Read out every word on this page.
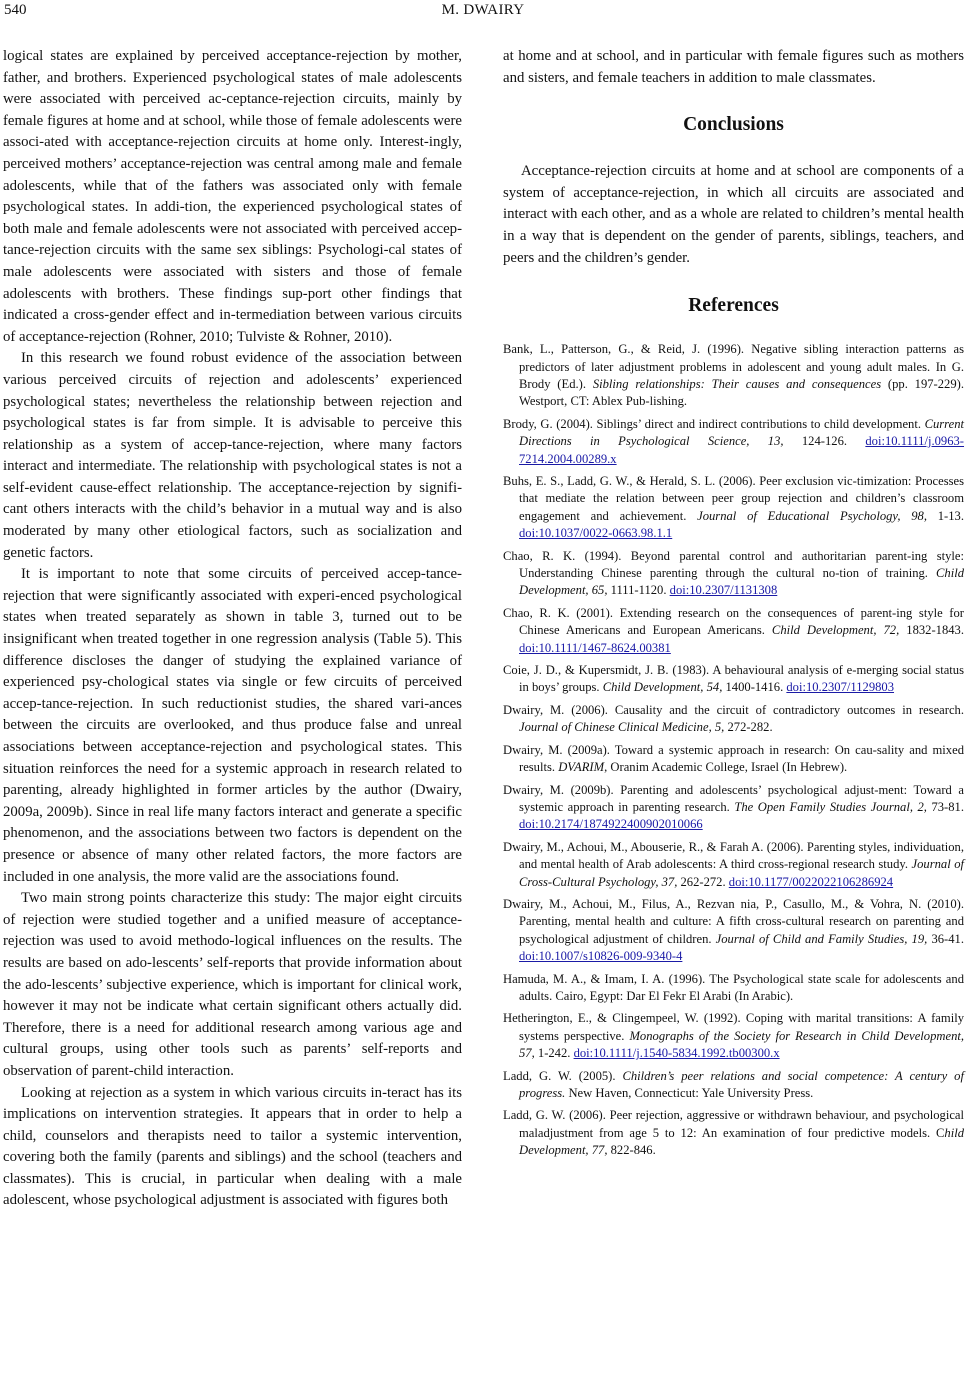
540	M. DWAIRY

logical states are explained by perceived acceptance-rejection by mother, father, and brothers. Experienced psychological states of male adolescents were associated with perceived ac-ceptance-rejection circuits, mainly by female figures at home and at school, while those of female adolescents were associ-ated with acceptance-rejection circuits at home only. Interest-ingly, perceived mothers’ acceptance-rejection was central among male and female adolescents, while that of the fathers was associated only with female psychological states. In addi-tion, the experienced psychological states of both male and female adolescents were not associated with perceived accep-tance-rejection circuits with the same sex siblings: Psychologi-cal states of male adolescents were associated with sisters and those of female adolescents with brothers. These findings sup-port other findings that indicated a cross-gender effect and in-termediation between various circuits of acceptance-rejection (Rohner, 2010; Tulviste & Rohner, 2010).

In this research we found robust evidence of the association between various perceived circuits of rejection and adolescents’ experienced psychological states; nevertheless the relationship between rejection and psychological states is far from simple. It is advisable to perceive this relationship as a system of accep-tance-rejection, where many factors interact and intermediate. The relationship with psychological states is not a self-evident cause-effect relationship. The acceptance-rejection by signifi-cant others interacts with the child’s behavior in a mutual way and is also moderated by many other etiological factors, such as socialization and genetic factors.

It is important to note that some circuits of perceived accep-tance-rejection that were significantly associated with experi-enced psychological states when treated separately as shown in table 3, turned out to be insignificant when treated together in one regression analysis (Table 5). This difference discloses the danger of studying the explained variance of experienced psy-chological states via single or few circuits of perceived accep-tance-rejection. In such reductionist studies, the shared vari-ances between the circuits are overlooked, and thus produce false and unreal associations between acceptance-rejection and psychological states. This situation reinforces the need for a systemic approach in research related to parenting, already highlighted in former articles by the author (Dwairy, 2009a, 2009b). Since in real life many factors interact and generate a specific phenomenon, and the associations between two factors is dependent on the presence or absence of many other related factors, the more factors are included in one analysis, the more valid are the associations found.

Two main strong points characterize this study: The major eight circuits of rejection were studied together and a unified measure of acceptance-rejection was used to avoid methodo-logical influences on the results. The results are based on ado-lescents’ self-reports that provide information about the ado-lescents’ subjective experience, which is important for clinical work, however it may not be indicate what certain significant others actually did. Therefore, there is a need for additional research among various age and cultural groups, using other tools such as parents’ self-reports and observation of parent-child interaction.

Looking at rejection as a system in which various circuits in-teract has its implications on intervention strategies. It appears that in order to help a child, counselors and therapists need to tailor a systemic intervention, covering both the family (parents and siblings) and the school (teachers and classmates). This is crucial, in particular when dealing with a male adolescent, whose psychological adjustment is associated with figures both

at home and at school, and in particular with female figures such as mothers and sisters, and female teachers in addition to male classmates.

Conclusions

Acceptance-rejection circuits at home and at school are components of a system of acceptance-rejection, in which all circuits are associated and interact with each other, and as a whole are related to children’s mental health in a way that is dependent on the gender of parents, siblings, teachers, and peers and the children’s gender.

References

Bank, L., Patterson, G., & Reid, J. (1996). Negative sibling interaction patterns as predictors of later adjustment problems in adolescent and young adult males. In G. Brody (Ed.). Sibling relationships: Their causes and consequences (pp. 197-229). Westport, CT: Ablex Pub-lishing.

Brody, G. (2004). Siblings’ direct and indirect contributions to child development. Current Directions in Psychological Science, 13, 124-126. doi:10.1111/j.0963-7214.2004.00289.x

Buhs, E. S., Ladd, G. W., & Herald, S. L. (2006). Peer exclusion vic-timization: Processes that mediate the relation between peer group rejection and children’s classroom engagement and achievement. Journal of Educational Psychology, 98, 1-13. doi:10.1037/0022-0663.98.1.1

Chao, R. K. (1994). Beyond parental control and authoritarian parent-ing style: Understanding Chinese parenting through the cultural no-tion of training. Child Development, 65, 1111-1120. doi:10.2307/1131308

Chao, R. K. (2001). Extending research on the consequences of parent-ing style for Chinese Americans and European Americans. Child Development, 72, 1832-1843. doi:10.1111/1467-8624.00381

Coie, J. D., & Kupersmidt, J. B. (1983). A behavioural analysis of e-merging social status in boys’ groups. Child Development, 54, 1400-1416. doi:10.2307/1129803

Dwairy, M. (2006). Causality and the circuit of contradictory outcomes in research. Journal of Chinese Clinical Medicine, 5, 272-282.

Dwairy, M. (2009a). Toward a systemic approach in research: On cau-sality and mixed results. DVARIM, Oranim Academic College, Israel (In Hebrew).

Dwairy, M. (2009b). Parenting and adolescents’ psychological adjust-ment: Toward a systemic approach in parenting research. The Open Family Studies Journal, 2, 73-81. doi:10.2174/1874922400902010066

Dwairy, M., Achoui, M., Abouserie, R., & Farah A. (2006). Parenting styles, individuation, and mental health of Arab adolescents: A third cross-regional research study. Journal of Cross-Cultural Psychology, 37, 262-272. doi:10.1177/0022022106286924

Dwairy, M., Achoui, M., Filus, A., Rezvan nia, P., Casullo, M., & Vohra, N. (2010). Parenting, mental health and culture: A fifth cross-cultural research on parenting and psychological adjustment of children. Journal of Child and Family Studies, 19, 36-41. doi:10.1007/s10826-009-9340-4

Hamuda, M. A., & Imam, I. A. (1996). The Psychological state scale for adolescents and adults. Cairo, Egypt: Dar El Fekr El Arabi (In Arabic).

Hetherington, E., & Clingempeel, W. (1992). Coping with marital transitions: A family systems perspective. Monographs of the Society for Research in Child Development, 57, 1-242. doi:10.1111/j.1540-5834.1992.tb00300.x

Ladd, G. W. (2005). Children’s peer relations and social competence: A century of progress. New Haven, Connecticut: Yale University Press.

Ladd, G. W. (2006). Peer rejection, aggressive or withdrawn behaviour, and psychological maladjustment from age 5 to 12: An examination of four predictive models. Child Development, 77, 822-846.
